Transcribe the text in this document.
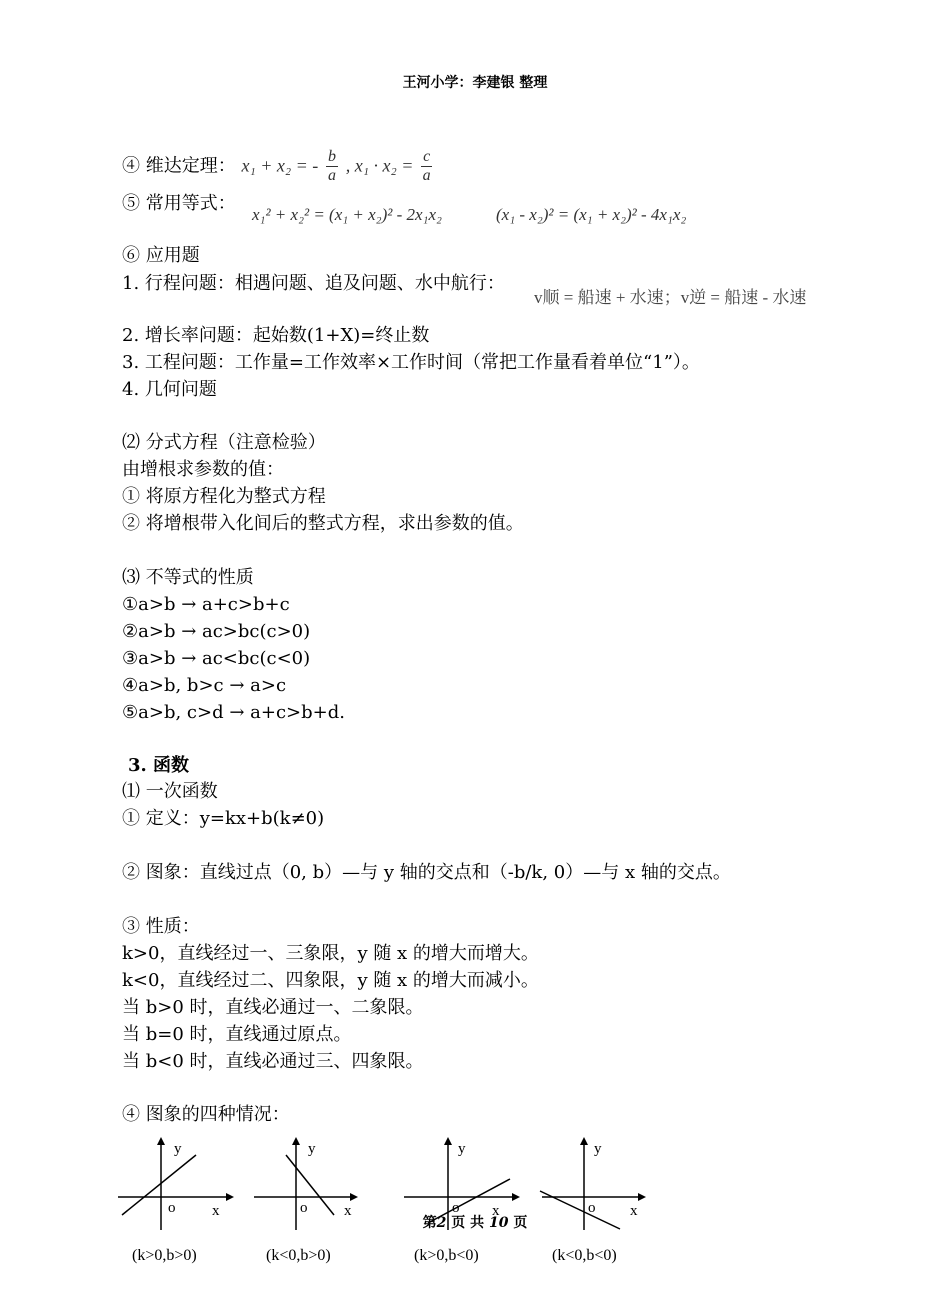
王河小学：李建银 整理
④ 维达定理： x₁ + x₂ = - $\frac{b}{a}$ , $x_1 \cdot x_2 = \frac{c}{a}$
⑤ 常用等式：
x₁² + x₂² = (x₁ + x₂)² - 2x₁x₂	(x₁ - x₂)² = (x₁ + x₂)² - 4x₁x₂
⑥ 应用题
1. 行程问题：相遇问题、追及问题、水中航行：
v顺 = 船速 + 水速；v逆 = 船速 - 水速
2. 增长率问题：起始数(1+X)=终止数
3. 工程问题：工作量=工作效率×工作时间（常把工作量看着单位“1”）。
4. 几何问题
⑵ 分式方程（注意检验）
由增根求参数的值：
① 将原方程化为整式方程
② 将增根带入化间后的整式方程，求出参数的值。
⑶ 不等式的性质
①a>b → a+c>b+c
②a>b → ac>bc(c>0)
③a>b → ac<bc(c<0)
④a>b, b>c → a>c
⑤a>b, c>d → a+c>b+d.
3. 函数
⑴ 一次函数
① 定义：y=kx+b(k≠0)
② 图象：直线过点（0, b）—与 y 轴的交点和（-b/k, 0）—与 x 轴的交点。
③ 性质：
k>0，直线经过一、三象限，y 随 x 的增大而增大。
k<0，直线经过二、四象限，y 随 x 的增大而减小。
当 b>0 时，直线必通过一、二象限。
当 b=0 时，直线通过原点。
当 b<0 时，直线必通过三、四象限。
④ 图象的四种情况：
x
y
o	x
y
o	x
y
o	x
y
o
(k>0,b>0)	(k<0,b>0)	(k>0,b<0)	(k<0,b<0)
第2 页 共 10 页
